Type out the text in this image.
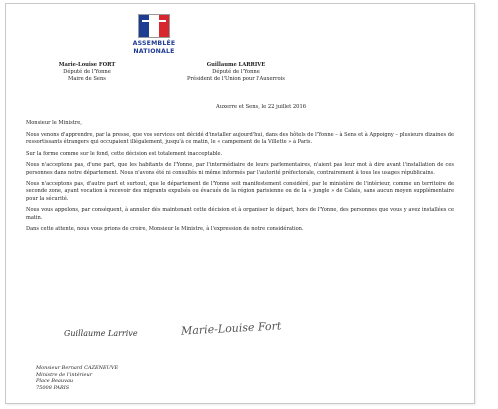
ASSEMBLÉE
NATIONALE
Marie-Louise FORT
Député de l'Yonne
Maire de Sens
Guillaume LARRIVE
Député de l'Yonne
Président de l'Union pour l'Auxerrois
Auxerre et Sens, le 22 juillet 2016

Monsieur le Ministre,

Nous venons d'apprendre, par la presse, que vos services ont décidé d'installer aujourd'hui, dans des hôtels de l'Yonne – à Sens et à Appoigny – plusieurs dizaines de ressortissants étrangers qui occupaient illégalement, jusqu'à ce matin, le « campement de la Villette » à Paris.

Sur la forme comme sur le fond, cette décision est totalement inacceptable.

Nous n'acceptons pas, d'une part, que les habitants de l'Yonne, par l'intermédiaire de leurs parlementaires, n'aient pas leur mot à dire avant l'installation de ces personnes dans notre département. Nous n'avons été ni consultés ni même informés par l'autorité préfectorale, contrairement à tous les usages républicains.

Nous n'acceptons pas, d'autre part et surtout, que le département de l'Yonne soit manifestement considéré, par le ministère de l'intérieur, comme un territoire de seconde zone, ayant vocation à recevoir des migrants expulsés ou évacués de la région parisienne ou de la « jungle » de Calais, sans aucun moyen supplémentaire pour la sécurité.

Nous vous appelons, par conséquent, à annuler dès maintenant cette décision et à organiser le départ, hors de l'Yonne, des personnes que vous y avez installées ce matin.

Dans cette attente, nous vous prions de croire, Monsieur le Ministre, à l'expression de notre considération.

Guillaume Larrive	Marie-Louise Fort
Monsieur Bernard CAZENEUVE
Ministre de l'intérieur
Place Beauvau
75008 PARIS
